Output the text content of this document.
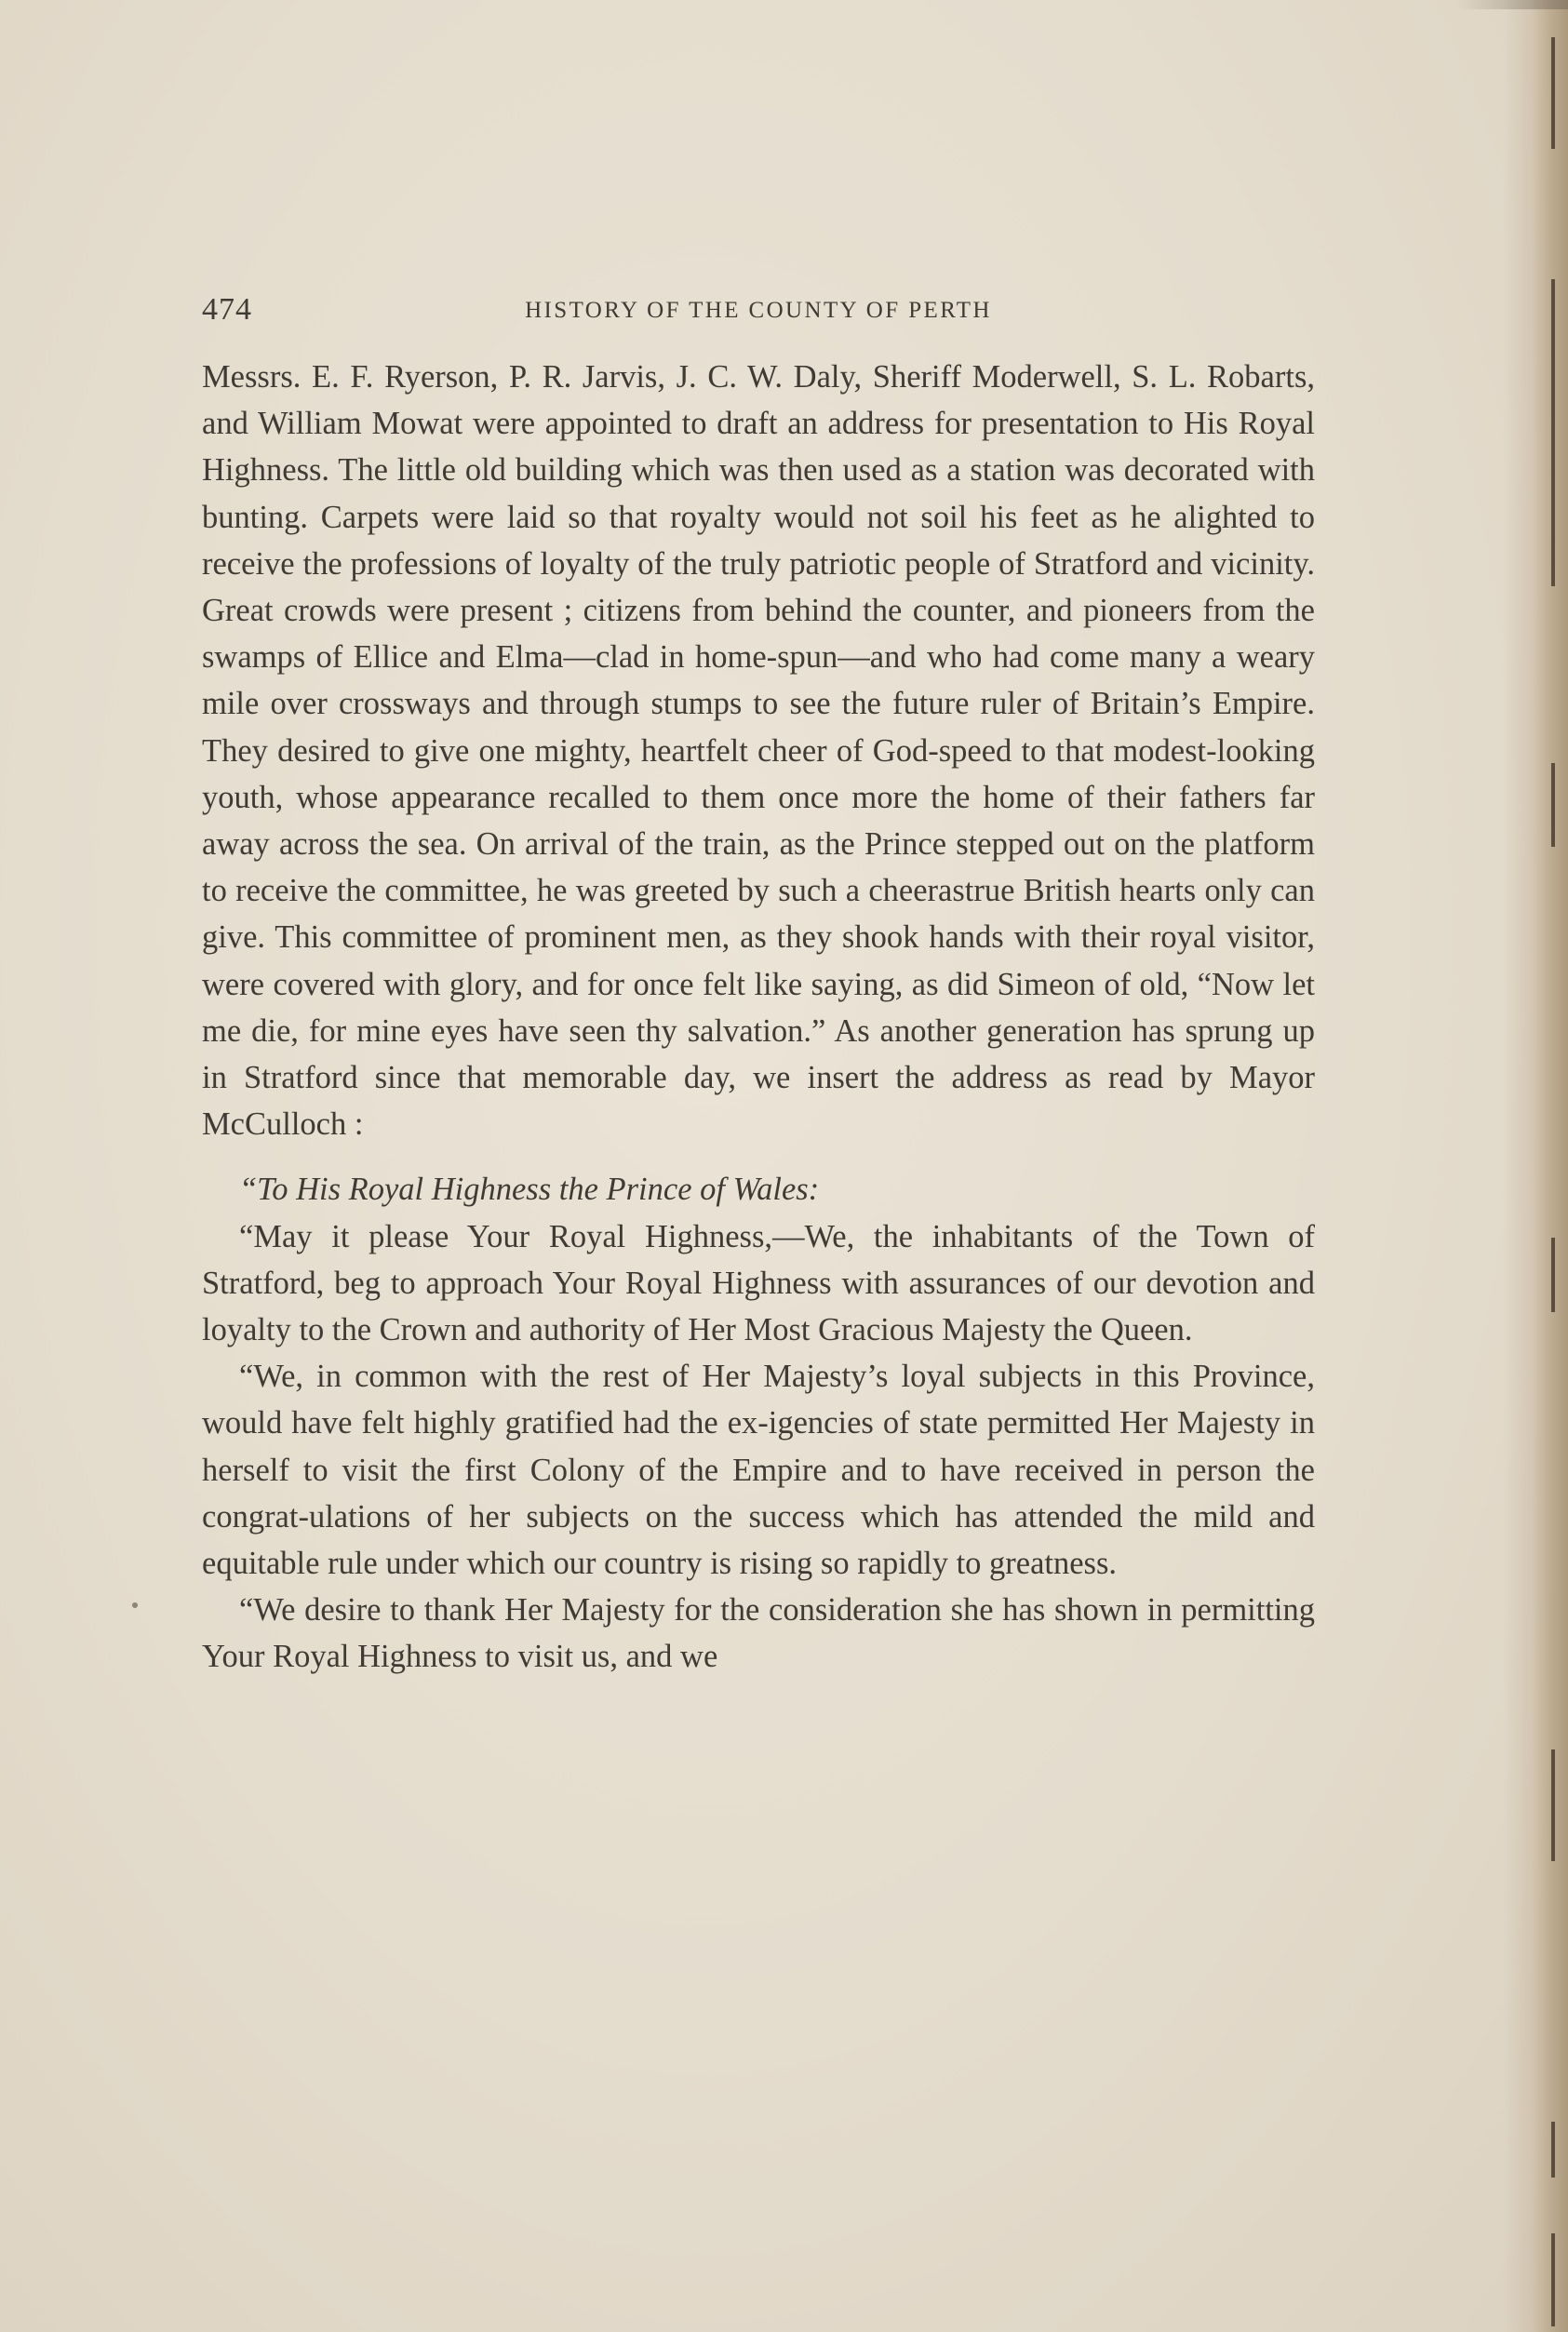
474	HISTORY OF THE COUNTY OF PERTH

Messrs. E. F. Ryerson, P. R. Jarvis, J. C. W. Daly, Sheriff Moderwell, S. L. Robarts, and William Mowat were appointed to draft an address for presentation to His Royal Highness. The little old building which was then used as a station was decorated with bunting. Carpets were laid so that royalty would not soil his feet as he alighted to receive the professions of loyalty of the truly patriotic people of Stratford and vicinity. Great crowds were present ; citizens from behind the counter, and pioneers from the swamps of Ellice and Elma—clad in home-spun—and who had come many a weary mile over crossways and through stumps to see the future ruler of Britain’s Empire. They desired to give one mighty, heartfelt cheer of God-speed to that modest-looking youth, whose appearance recalled to them once more the home of their fathers far away across the sea. On arrival of the train, as the Prince stepped out on the platform to receive the committee, he was greeted by such a cheerastrue British hearts only can give. This committee of prominent men, as they shook hands with their royal visitor, were covered with glory, and for once felt like saying, as did Simeon of old, “Now let me die, for mine eyes have seen thy salvation.” As another generation has sprung up in Stratford since that memorable day, we insert the address as read by Mayor McCulloch :

“To His Royal Highness the Prince of Wales:

“May it please Your Royal Highness,—We, the inhabitants of the Town of Stratford, beg to approach Your Royal Highness with assurances of our devotion and loyalty to the Crown and authority of Her Most Gracious Majesty the Queen.

“We, in common with the rest of Her Majesty’s loyal subjects in this Province, would have felt highly gratified had the ex-igencies of state permitted Her Majesty in herself to visit the first Colony of the Empire and to have received in person the congrat-ulations of her subjects on the success which has attended the mild and equitable rule under which our country is rising so rapidly to greatness.

“We desire to thank Her Majesty for the consideration she has shown in permitting Your Royal Highness to visit us, and we
